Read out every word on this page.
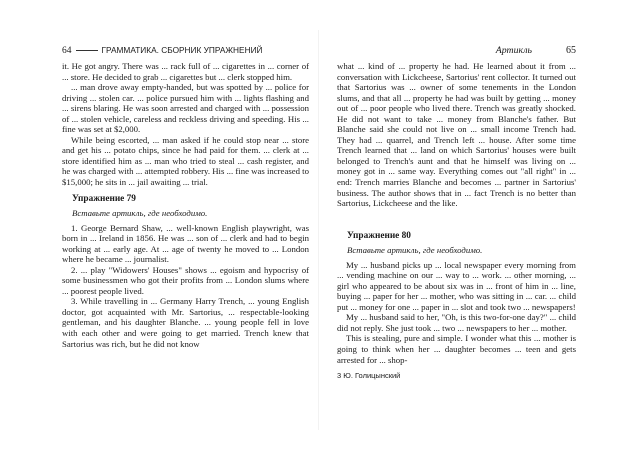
64	ГРАММАТИКА. СБОРНИК УПРАЖНЕНИЙ

it. He got angry. There was ... rack full of ... cigarettes in ... corner of ... store. He decided to grab ... cigarettes but ... clerk stopped him.

... man drove away empty-handed, but was spotted by ... police for driving ... stolen car. ... police pursued him with ... lights flashing and ... sirens blaring. He was soon arrested and charged with ... possession of ... stolen vehicle, careless and reckless driving and speeding. His ... fine was set at $2,000.

While being escorted, ... man asked if he could stop near ... store and get his ... potato chips, since he had paid for them. ... clerk at ... store identified him as ... man who tried to steal ... cash register, and he was charged with ... attempted robbery. His ... fine was increased to $15,000; he sits in ... jail awaiting ... trial.

Упражнение 79
Вставьте артикль, где необходимо.

1. George Bernard Shaw, ... well-known English playwright, was born in ... Ireland in 1856. He was ... son of ... clerk and had to begin working at ... early age. At ... age of twenty he moved to ... London where he became ... journalist.

2. ... play "Widowers' Houses" shows ... egoism and hypocrisy of some businessmen who got their profits from ... London slums where ... poorest people lived.

3. While travelling in ... Germany Harry Trench, ... young English doctor, got acquainted with Mr. Sartorius, ... respectable-looking gentleman, and his daughter Blanche. ... young people fell in love with each other and were going to get married. Trench knew that Sartorius was rich, but he did not know

Артикль	65

what ... kind of ... property he had. He learned about it from ... conversation with Lickcheese, Sartorius' rent collector. It turned out that Sartorius was ... owner of some tenements in the London slums, and that all ... property he had was built by getting ... money out of ... poor people who lived there. Trench was greatly shocked. He did not want to take ... money from Blanche's father. But Blanche said she could not live on ... small income Trench had. They had ... quarrel, and Trench left ... house. After some time Trench learned that ... land on which Sartorius' houses were built belonged to Trench's aunt and that he himself was living on ... money got in ... same way. Everything comes out "all right" in ... end: Trench marries Blanche and becomes ... partner in Sartorius' business. The author shows that in ... fact Trench is no better than Sartorius, Lickcheese and the like.

Упражнение 80
Вставьте артикль, где необходимо.

My ... husband picks up ... local newspaper every morning from ... vending machine on our ... way to ... work. ... other morning, ... girl who appeared to be about six was in ... front of him in ... line, buying ... paper for her ... mother, who was sitting in ... car. ... child put ... money for one ... paper in ... slot and took two ... newspapers!

My ... husband said to her, "Oh, is this two-for-one day?" ... child did not reply. She just took ... two ... newspapers to her ... mother.

This is stealing, pure and simple. I wonder what this ... mother is going to think when her ... daughter becomes ... teen and gets arrested for ... shop-

3 Ю. Голицынский
